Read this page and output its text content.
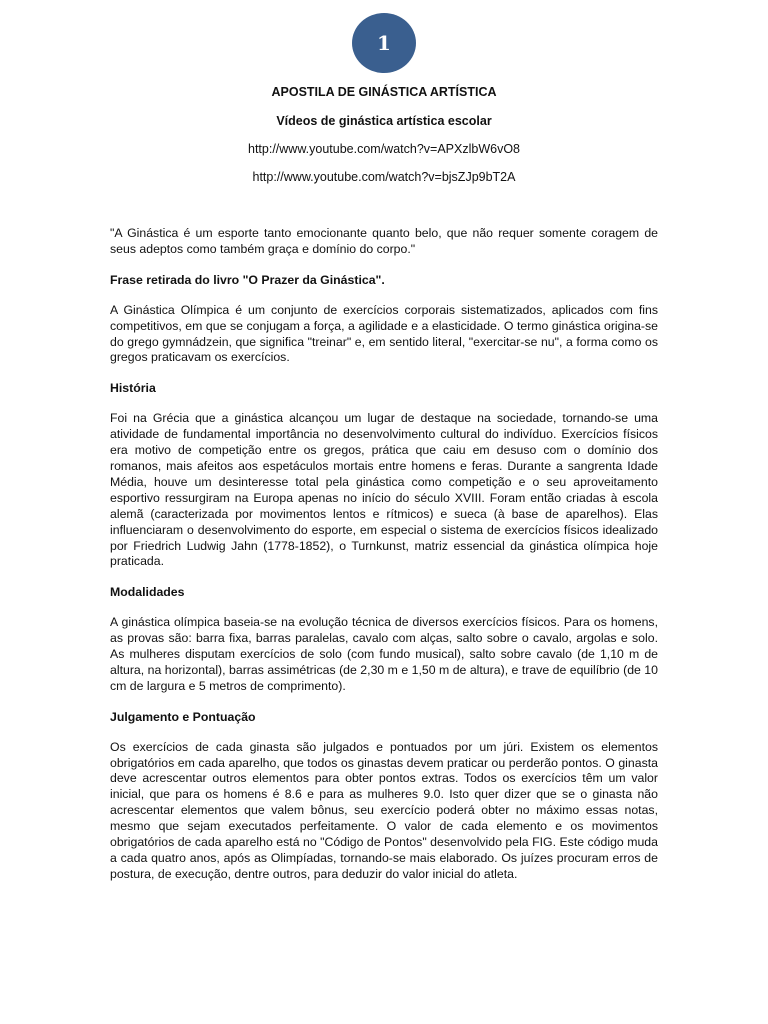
1
APOSTILA DE GINÁSTICA ARTÍSTICA
Vídeos de ginástica artística escolar
http://www.youtube.com/watch?v=APXzlbW6vO8
http://www.youtube.com/watch?v=bjsZJp9bT2A

"A Ginástica é um esporte tanto emocionante quanto belo, que não requer somente coragem de seus adeptos como também graça e domínio do corpo."

Frase retirada do livro "O Prazer da Ginástica".

A Ginástica Olímpica é um conjunto de exercícios corporais sistematizados, aplicados com fins competitivos, em que se conjugam a força, a agilidade e a elasticidade. O termo ginástica origina-se do grego gymnádzein, que significa "treinar" e, em sentido literal, "exercitar-se nu", a forma como os gregos praticavam os exercícios.

História

Foi na Grécia que a ginástica alcançou um lugar de destaque na sociedade, tornando-se uma atividade de fundamental importância no desenvolvimento cultural do indivíduo. Exercícios físicos era motivo de competição entre os gregos, prática que caiu em desuso com o domínio dos romanos, mais afeitos aos espetáculos mortais entre homens e feras. Durante a sangrenta Idade Média, houve um desinteresse total pela ginástica como competição e o seu aproveitamento esportivo ressurgiram na Europa apenas no início do século XVIII. Foram então criadas à escola alemã (caracterizada por movimentos lentos e rítmicos) e sueca (à base de aparelhos). Elas influenciaram o desenvolvimento do esporte, em especial o sistema de exercícios físicos idealizado por Friedrich Ludwig Jahn (1778-1852), o Turnkunst, matriz essencial da ginástica olímpica hoje praticada.

Modalidades

A ginástica olímpica baseia-se na evolução técnica de diversos exercícios físicos. Para os homens, as provas são: barra fixa, barras paralelas, cavalo com alças, salto sobre o cavalo, argolas e solo. As mulheres disputam exercícios de solo (com fundo musical), salto sobre cavalo (de 1,10 m de altura, na horizontal), barras assimétricas (de 2,30 m e 1,50 m de altura), e trave de equilíbrio (de 10 cm de largura e 5 metros de comprimento).

Julgamento e Pontuação

Os exercícios de cada ginasta são julgados e pontuados por um júri. Existem os elementos obrigatórios em cada aparelho, que todos os ginastas devem praticar ou perderão pontos. O ginasta deve acrescentar outros elementos para obter pontos extras. Todos os exercícios têm um valor inicial, que para os homens é 8.6 e para as mulheres 9.0. Isto quer dizer que se o ginasta não acrescentar elementos que valem bônus, seu exercício poderá obter no máximo essas notas, mesmo que sejam executados perfeitamente. O valor de cada elemento e os movimentos obrigatórios de cada aparelho está no "Código de Pontos" desenvolvido pela FIG. Este código muda a cada quatro anos, após as Olimpíadas, tornando-se mais elaborado. Os juízes procuram erros de postura, de execução, dentre outros, para deduzir do valor inicial do atleta.
